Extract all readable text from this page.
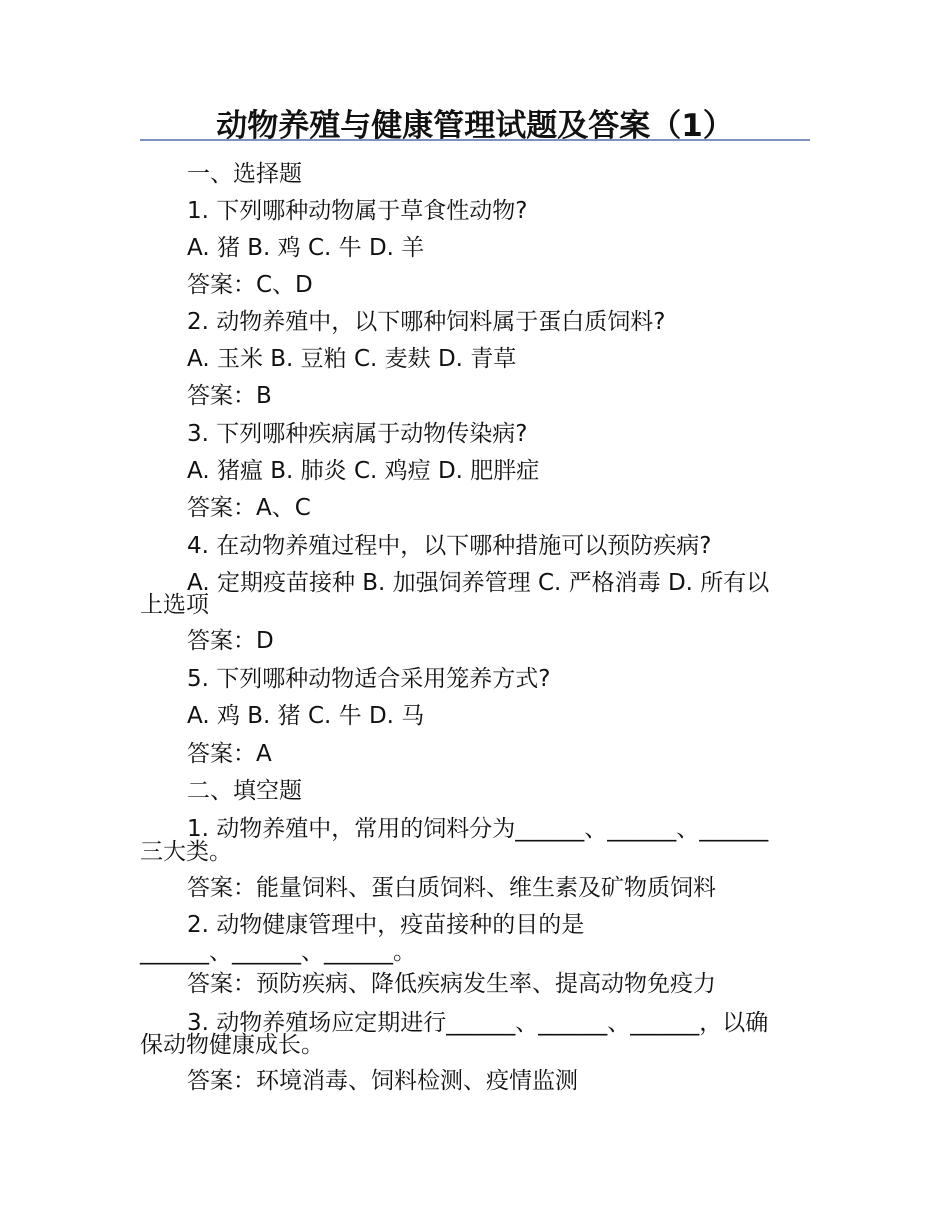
动物养殖与健康管理试题及答案（1）
一、选择题
1. 下列哪种动物属于草食性动物?
A. 猪 B. 鸡 C. 牛 D. 羊
答案：C、D
2. 动物养殖中，以下哪种饲料属于蛋白质饲料?
A. 玉米 B. 豆粕 C. 麦麸 D. 青草
答案：B
3. 下列哪种疾病属于动物传染病?
A. 猪瘟 B. 肺炎 C. 鸡痘 D. 肥胖症
答案：A、C
4. 在动物养殖过程中，以下哪种措施可以预防疾病?
A. 定期疫苗接种 B. 加强饲养管理 C. 严格消毒 D. 所有以
上选项
答案：D
5. 下列哪种动物适合采用笼养方式?
A. 鸡 B. 猪 C. 牛 D. 马
答案：A
二、填空题
1. 动物养殖中，常用的饲料分为______、______、______
三大类。
答案：能量饲料、蛋白质饲料、维生素及矿物质饲料
2. 动物健康管理中，疫苗接种的目的是
______、______、______。
答案：预防疾病、降低疾病发生率、提高动物免疫力
3. 动物养殖场应定期进行______、______、______，以确
保动物健康成长。
答案：环境消毒、饲料检测、疫情监测
